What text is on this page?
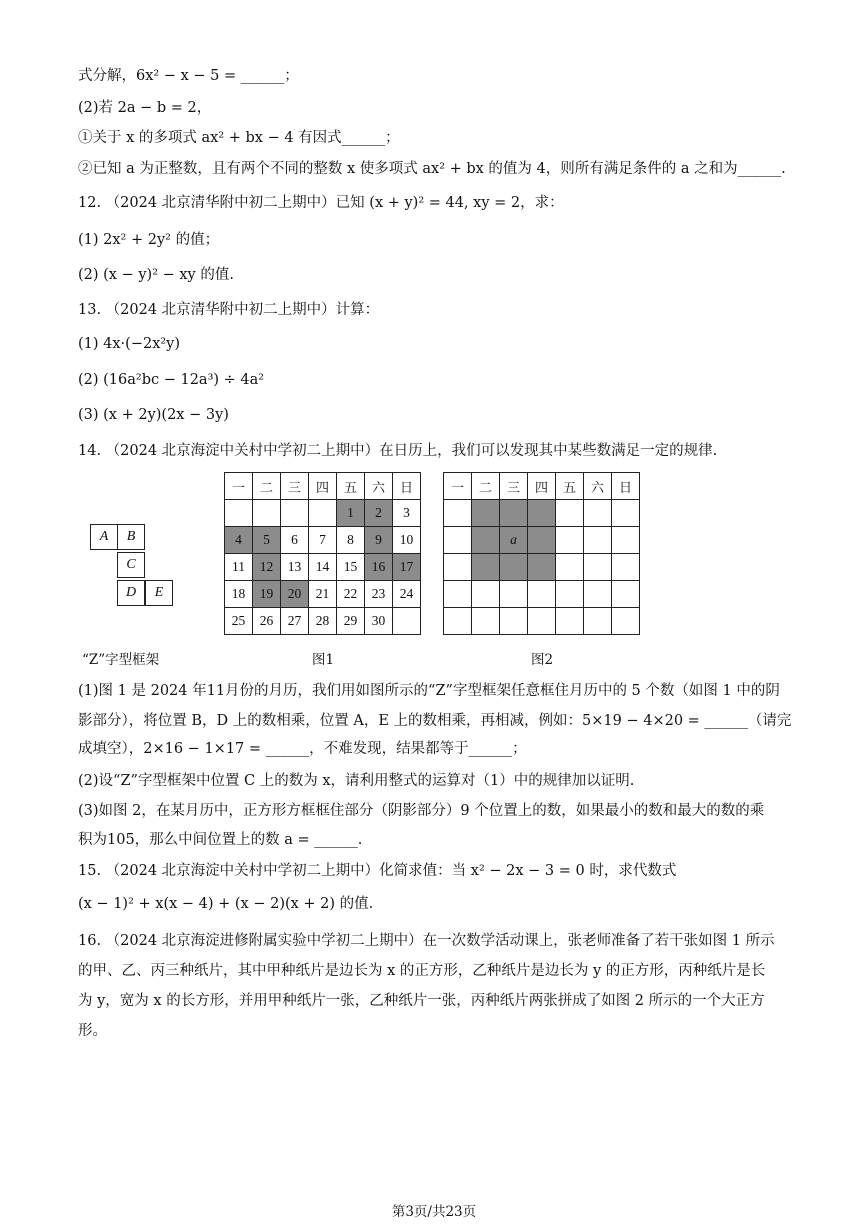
式分解，6x² − x − 5 = ______；
(2)若 2a − b = 2，
①关于 x 的多项式 ax² + bx − 4 有因式______；
②已知 a 为正整数，且有两个不同的整数 x 使多项式 ax² + bx 的值为 4，则所有满足条件的 a 之和为______.
12. （2024 北京清华附中初二上期中）已知 (x + y)² = 44, xy = 2，求：
(1) 2x² + 2y² 的值；
(2) (x − y)² − xy 的值.
13. （2024 北京清华附中初二上期中）计算：
(1) 4x·(−2x²y)
(2) (16a²bc − 12a³) ÷ 4a²
(3) (x + 2y)(2x − 3y)
14. （2024 北京海淀中关村中学初二上期中）在日历上，我们可以发现其中某些数满足一定的规律.
A	B
C
D	E
“Z”字型框架
一	二	三	四	五	六	日
				1	2	3
4	5	6	7	8	9	10
11	12	13	14	15	16	17
18	19	20	21	22	23	24
25	26	27	28	29	30	
图1
一	二	三	四	五	六	日

		a				

图2
(1)图 1 是 2024 年11月份的月历，我们用如图所示的“Z”字型框架任意框住月历中的 5 个数（如图 1 中的阴
影部分），将位置 B，D 上的数相乘，位置 A，E 上的数相乘，再相减，例如：5×19 − 4×20 = ______（请完
成填空），2×16 − 1×17 = ______，不难发现，结果都等于______；
(2)设“Z”字型框架中位置 C 上的数为 x，请利用整式的运算对（1）中的规律加以证明.
(3)如图 2，在某月历中，正方形方框框住部分（阴影部分）9 个位置上的数，如果最小的数和最大的数的乘
积为105，那么中间位置上的数 a = ______.
15. （2024 北京海淀中关村中学初二上期中）化简求值：当 x² − 2x − 3 = 0 时，求代数式
(x − 1)² + x(x − 4) + (x − 2)(x + 2) 的值.
16. （2024 北京海淀进修附属实验中学初二上期中）在一次数学活动课上，张老师准备了若干张如图 1 所示
的甲、乙、丙三种纸片，其中甲种纸片是边长为 x 的正方形，乙种纸片是边长为 y 的正方形，丙种纸片是长
为 y，宽为 x 的长方形，并用甲种纸片一张，乙种纸片一张，丙种纸片两张拼成了如图 2 所示的一个大正方
形。
第3页/共23页
